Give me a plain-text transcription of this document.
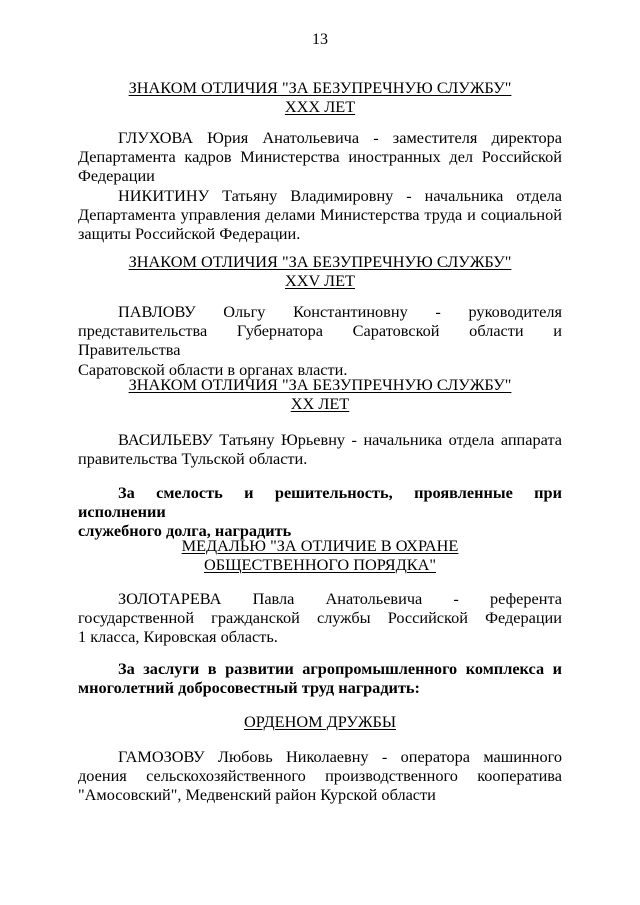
13
ЗНАКОМ ОТЛИЧИЯ "ЗА БЕЗУПРЕЧНУЮ СЛУЖБУ"
XXX ЛЕТ
ГЛУХОВА Юрия Анатольевича - заместителя директора
Департамента кадров Министерства иностранных дел Российской
Федерации
НИКИТИНУ Татьяну Владимировну - начальника отдела
Департамента управления делами Министерства труда и социальной
защиты Российской Федерации.
ЗНАКОМ ОТЛИЧИЯ "ЗА БЕЗУПРЕЧНУЮ СЛУЖБУ"
XXV ЛЕТ
ПАВЛОВУ Ольгу Константиновну - руководителя
представительства Губернатора Саратовской области и Правительства
Саратовской области в органах власти.
ЗНАКОМ ОТЛИЧИЯ "ЗА БЕЗУПРЕЧНУЮ СЛУЖБУ"
XX ЛЕТ
ВАСИЛЬЕВУ Татьяну Юрьевну - начальника отдела аппарата
правительства Тульской области.
За смелость и решительность, проявленные при исполнении
служебного долга, наградить
МЕДАЛЬЮ "ЗА ОТЛИЧИЕ В ОХРАНЕ
ОБЩЕСТВЕННОГО ПОРЯДКА"
ЗОЛОТАРЕВА Павла Анатольевича - референта
государственной гражданской службы Российской Федерации
1 класса, Кировская область.
За заслуги в развитии агропромышленного комплекса и
многолетний добросовестный труд наградить:
ОРДЕНОМ ДРУЖБЫ
ГАМОЗОВУ Любовь Николаевну - оператора машинного
доения сельскохозяйственного производственного кооператива
"Амосовский", Медвенский район Курской области
